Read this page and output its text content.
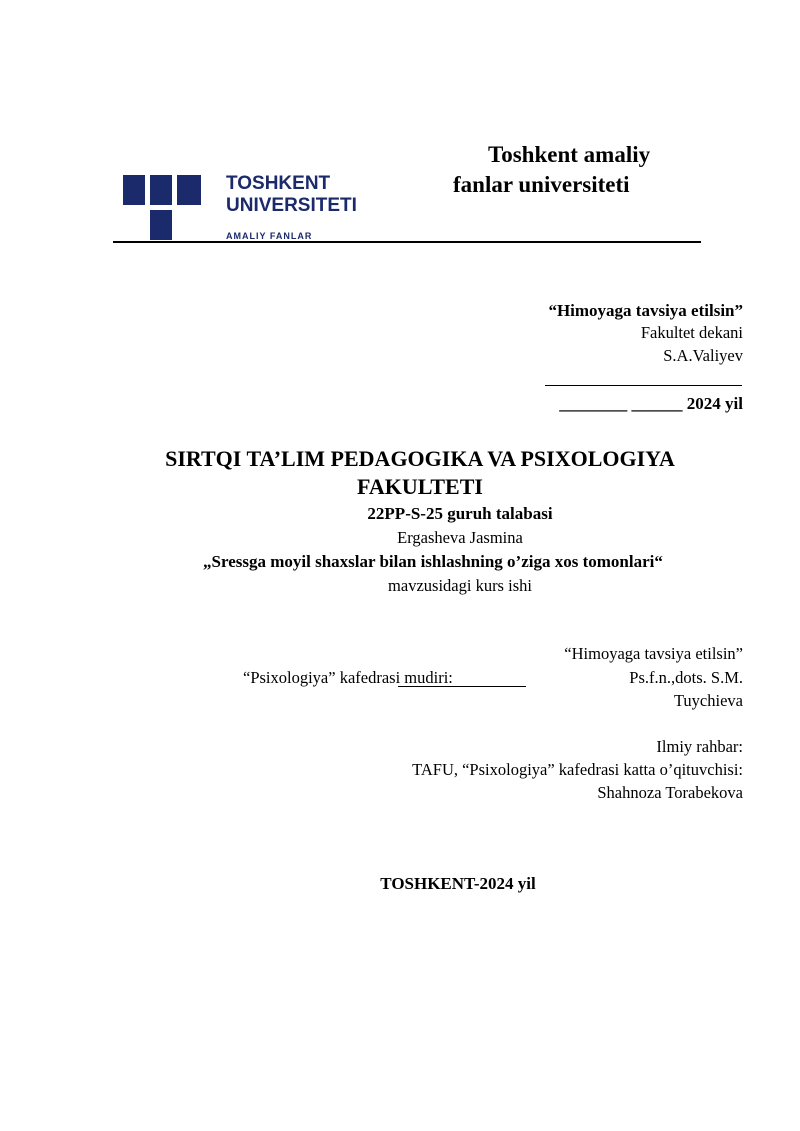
TOSHKENT
UNIVERSITETI
AMALIY FANLAR
Toshkent amaliy
fanlar universiteti
“Himoyaga tavsiya etilsin”
Fakultet dekani
S.A.Valiyev
________ ______ 2024 yil
SIRTQI TA’LIM PEDAGOGIKA VA PSIXOLOGIYA
FAKULTETI
22PP-S-25 guruh talabasi
Ergasheva Jasmina
„Sressga moyil shaxslar bilan ishlashning o’ziga xos tomonlari“
mavzusidagi kurs ishi
“Himoyaga tavsiya etilsin”
“Psixologiya” kafedrasi mudiri:	Ps.f.n.,dots. S.M.
Tuychieva
Ilmiy rahbar:
TAFU, “Psixologiya” kafedrasi katta o’qituvchisi:
Shahnoza Torabekova
TOSHKENT-2024 yil
